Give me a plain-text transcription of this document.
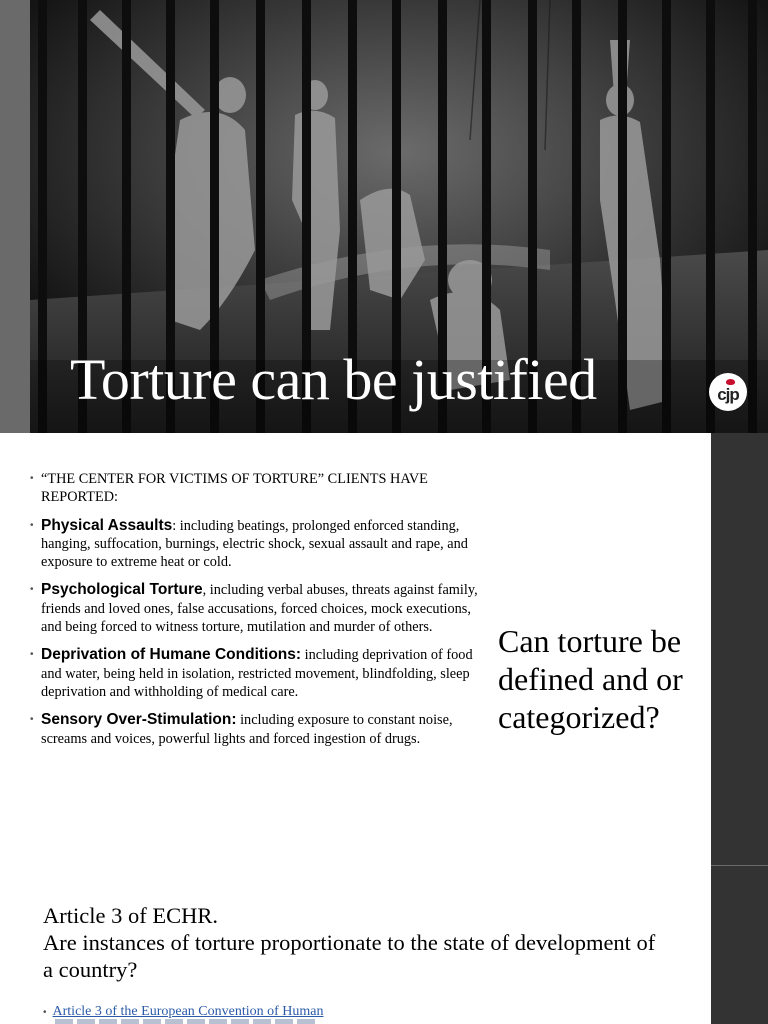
Torture can be justified	cjp
• “THE CENTER FOR VICTIMS OF TORTURE” CLIENTS HAVE REPORTED:
• Physical Assaults: including beatings, prolonged enforced standing, hanging, suffocation, burnings, electric shock, sexual assault and rape, and exposure to extreme heat or cold.
• Psychological Torture, including verbal abuses, threats against family, friends and loved ones, false accusations, forced choices, mock executions, and being forced to witness torture, mutilation and murder of others.
• Deprivation of Humane Conditions: including deprivation of food and water, being held in isolation, restricted movement, blindfolding, sleep deprivation and withholding of medical care.
• Sensory Over-Stimulation: including exposure to constant noise, screams and voices, powerful lights and forced ingestion of drugs.
Can torture be defined and or categorized?
Article 3 of ECHR.
Are instances of torture proportionate to the state of development of a country?
• Article 3 of the European Convention of Human
